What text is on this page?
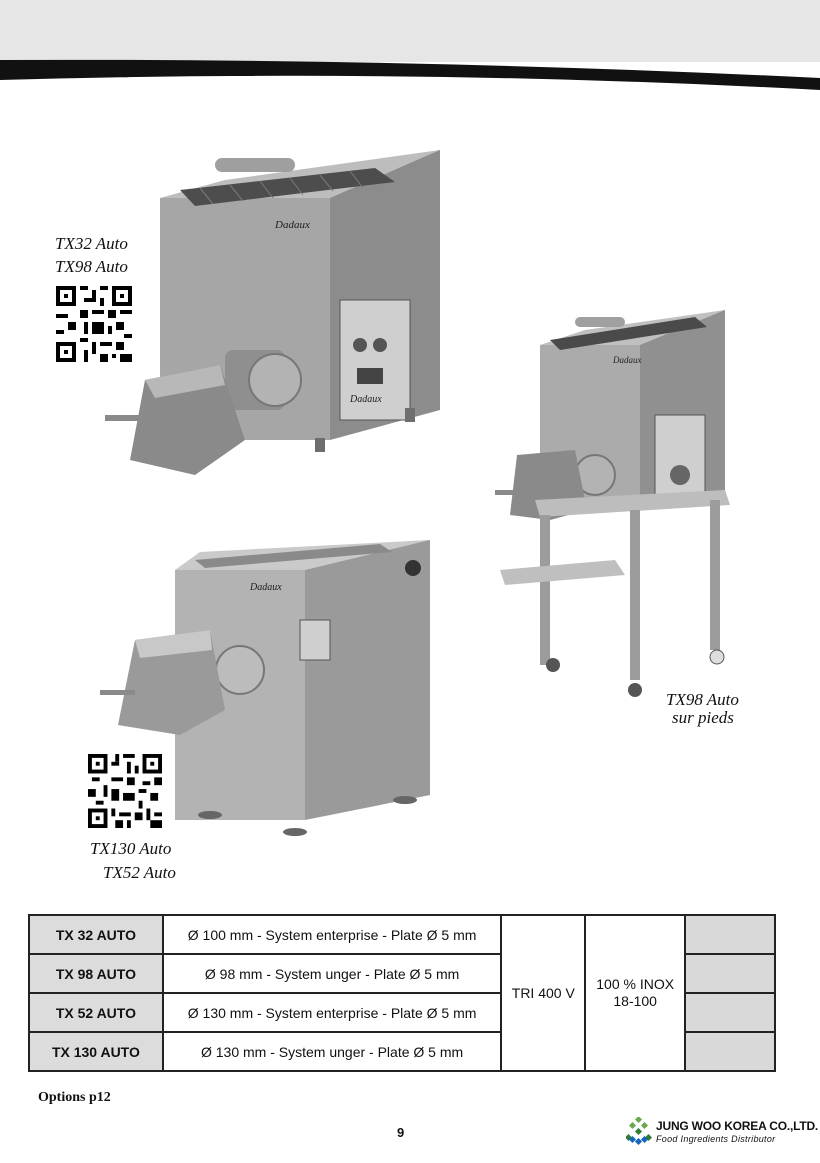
Dadaux
Dadaux
Dadaux
Dadaux
TX32 Auto
TX98 Auto
TX98 Auto
sur pieds
TX130 Auto
TX52 Auto
TX 32 AUTO	Ø 100 mm - System enterprise - Plate Ø 5 mm	TRI 400 V	100 % INOX
18-100	
TX 98 AUTO	Ø 98 mm - System unger - Plate Ø 5 mm			
TX 52 AUTO	Ø 130 mm - System enterprise - Plate Ø 5 mm			
TX 130 AUTO	Ø 130 mm - System unger - Plate Ø 5 mm			
Options p12
9	JUNG WOO KOREA CO.,LTD.
Food Ingredients Distributor
